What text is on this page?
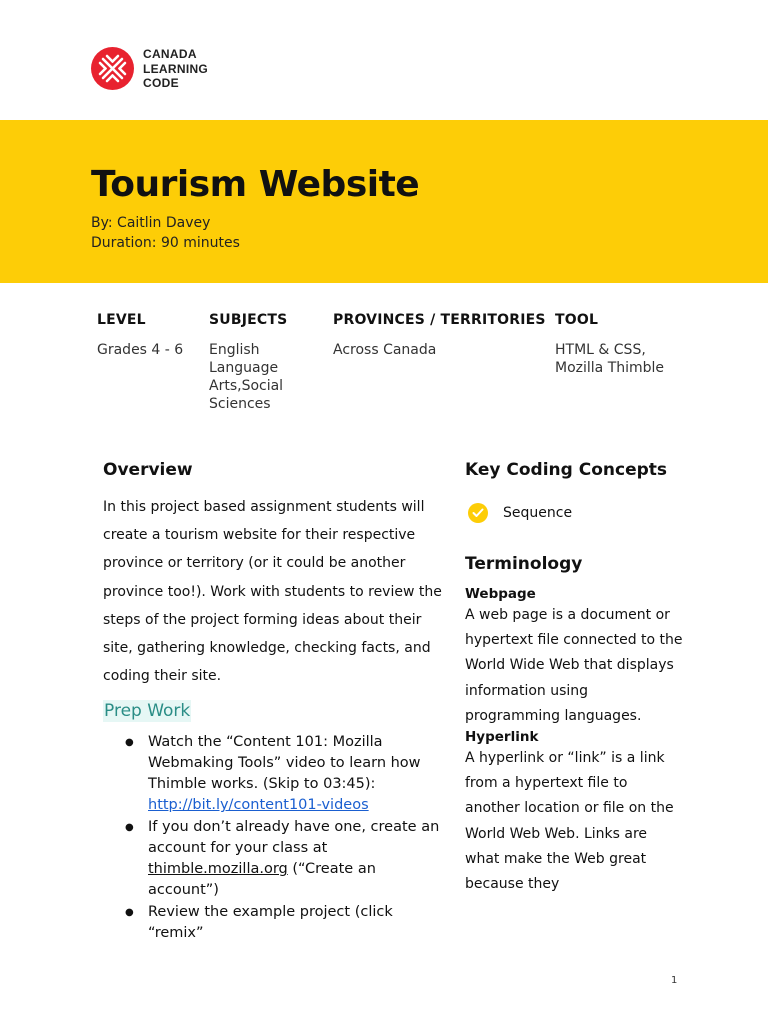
CANADA
LEARNING
CODE
Tourism Website
By: Caitlin Davey
Duration: 90 minutes
LEVEL
Grades 4 - 6
SUBJECTS
English
Language
Arts,Social
Sciences
PROVINCES / TERRITORIES
Across Canada
TOOL
HTML & CSS,
Mozilla Thimble
Overview
In this project based assignment students will create a tourism website for their respective province or territory (or it could be another province too!). Work with students to review the steps of the project forming ideas about their site, gathering knowledge, checking facts, and coding their site.
Prep Work
● Watch the “Content 101: Mozilla Webmaking Tools” video to learn how Thimble works. (Skip to 03:45):
http://bit.ly/content101-videos
● If you don’t already have one, create an account for your class at thimble.mozilla.org (“Create an account”)
● Review the example project (click “remix”
Key Coding Concepts
Sequence
Terminology
Webpage
A web page is a document or hypertext file connected to the World Wide Web that displays information using programming languages.
Hyperlink
A hyperlink or “link” is a link from a hypertext file to another location or file on the World Web Web. Links are what make the Web great because they
1
